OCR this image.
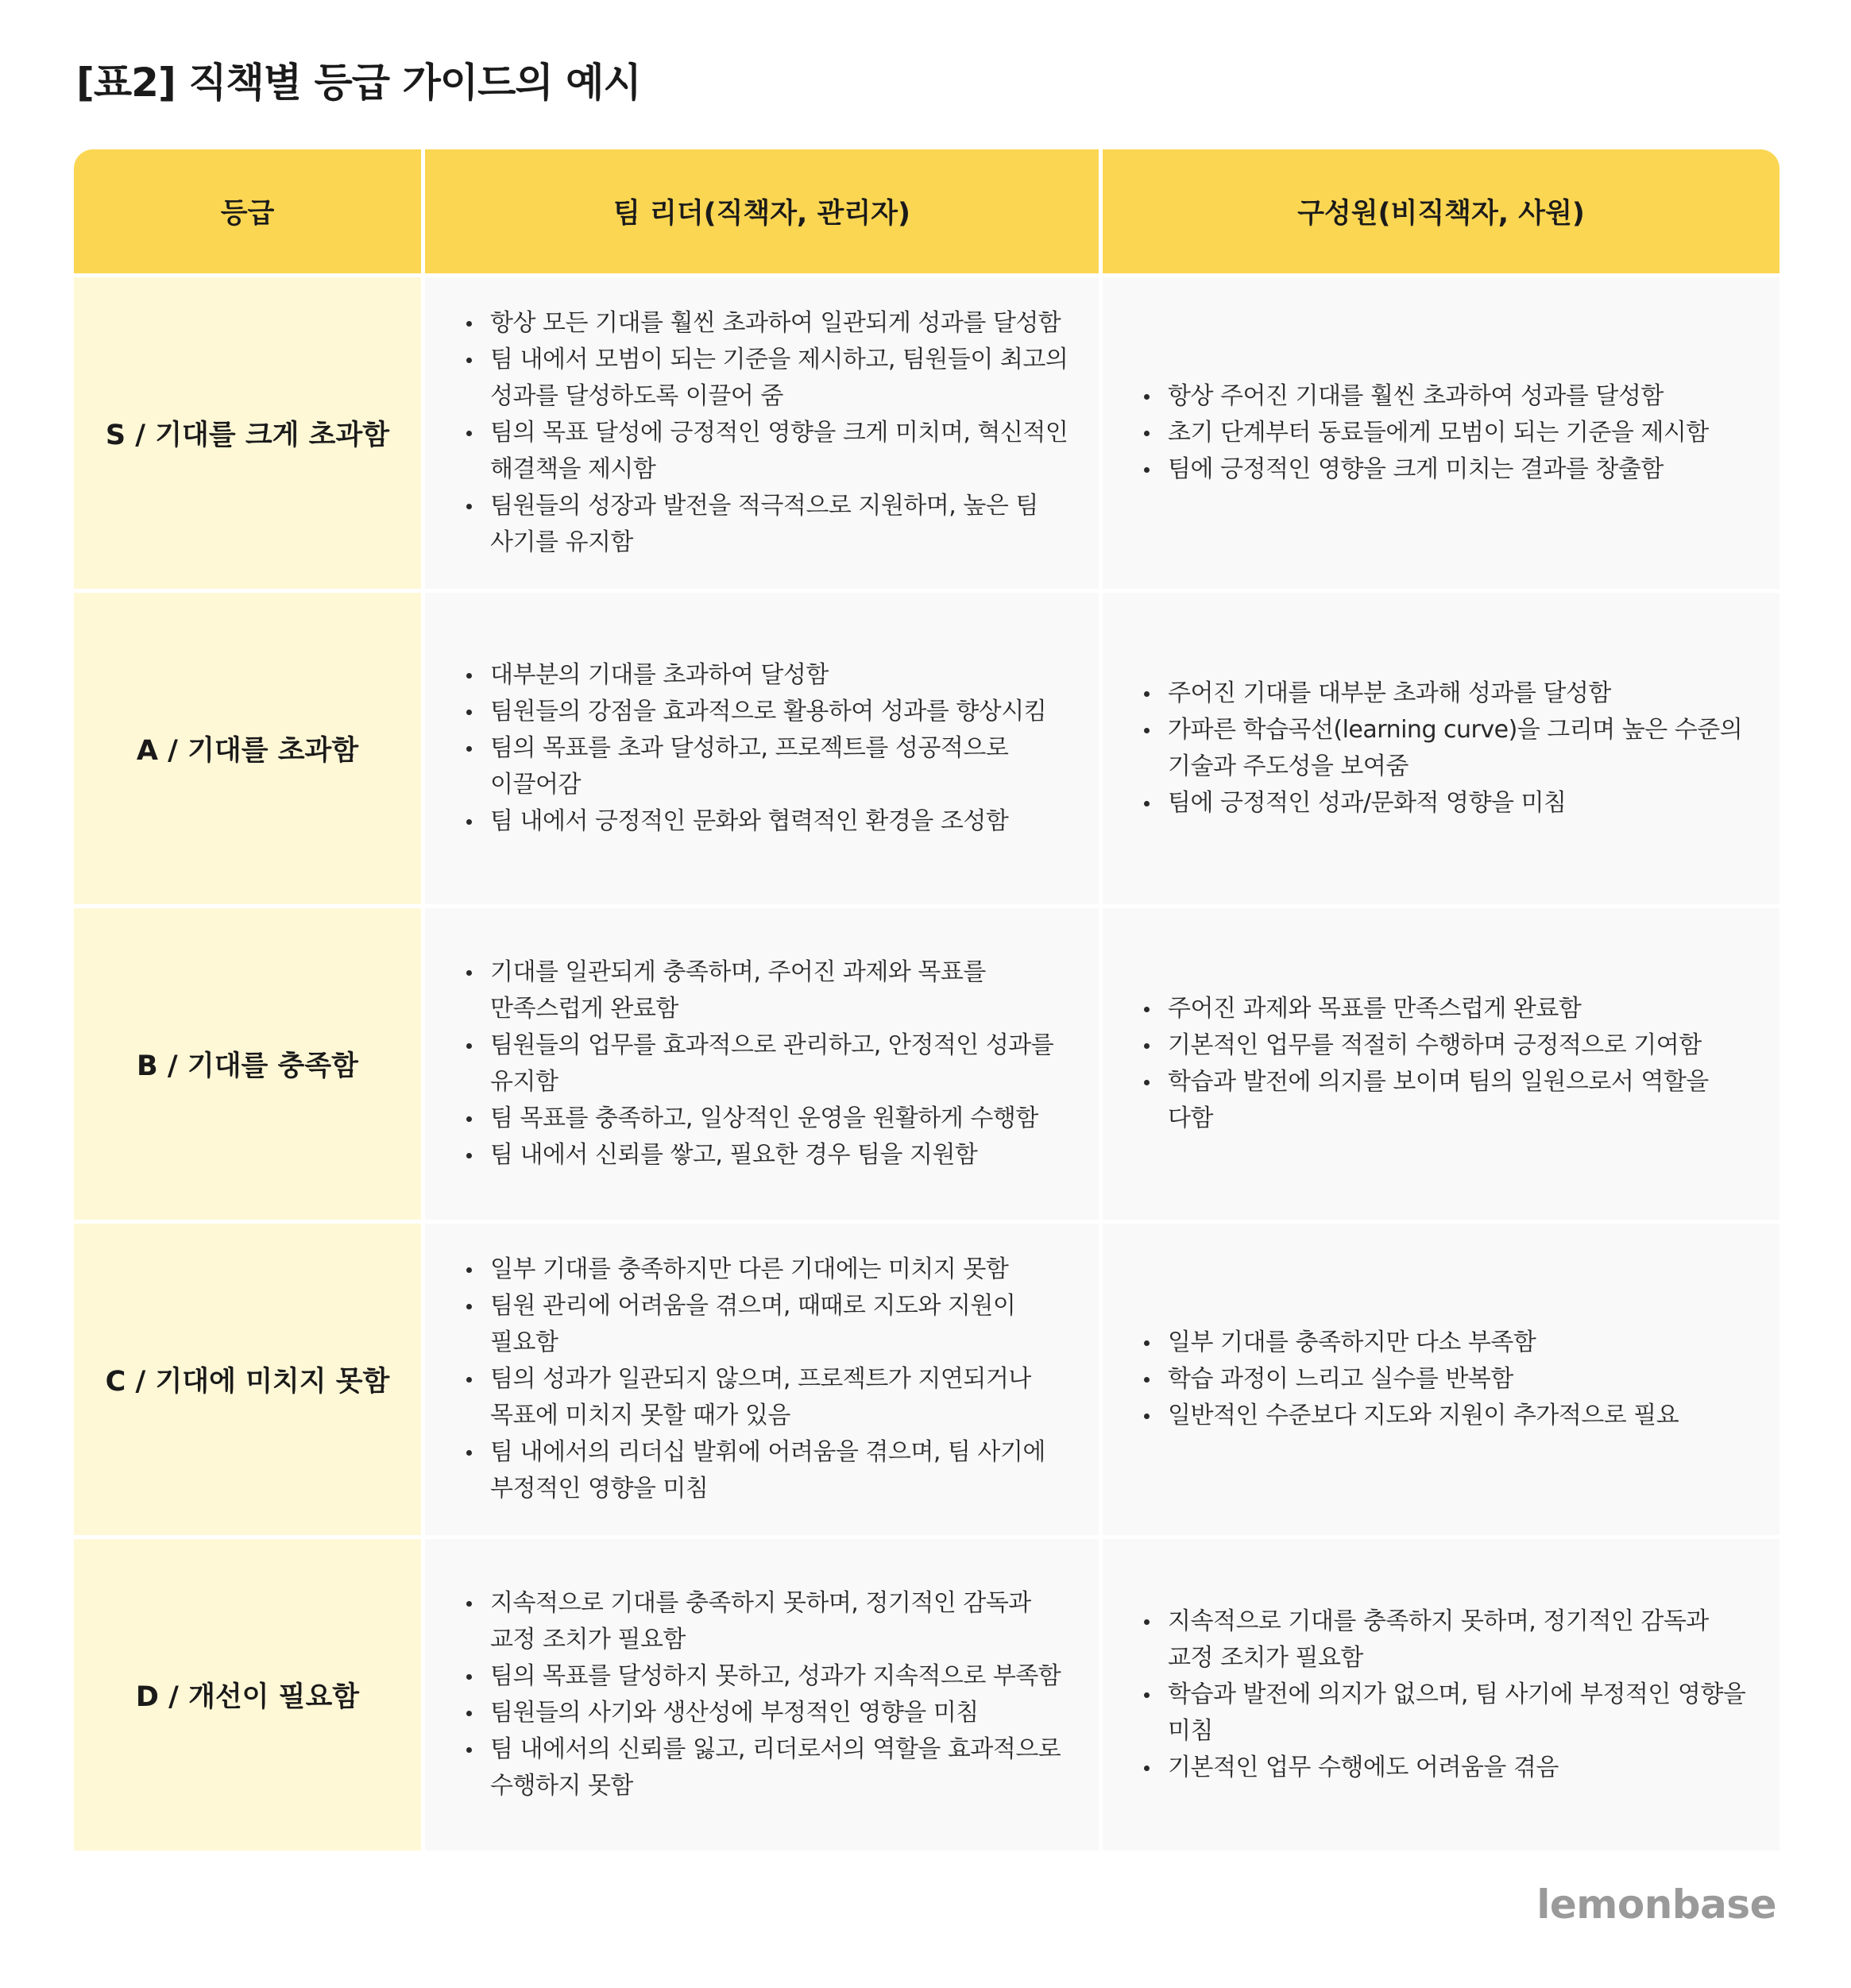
[표2] 직책별 등급 가이드의 예시
등급	팀 리더(직책자, 관리자)	구성원(비직책자, 사원)
S / 기대를 크게 초과함
항상 모든 기대를 훨씬 초과하여 일관되게 성과를 달성함
팀 내에서 모범이 되는 기준을 제시하고, 팀원들이 최고의 성과를 달성하도록 이끌어 줌
팀의 목표 달성에 긍정적인 영향을 크게 미치며, 혁신적인 해결책을 제시함
팀원들의 성장과 발전을 적극적으로 지원하며, 높은 팀 사기를 유지함
항상 주어진 기대를 훨씬 초과하여 성과를 달성함
초기 단계부터 동료들에게 모범이 되는 기준을 제시함
팀에 긍정적인 영향을 크게 미치는 결과를 창출함
A / 기대를 초과함
대부분의 기대를 초과하여 달성함
팀원들의 강점을 효과적으로 활용하여 성과를 향상시킴
팀의 목표를 초과 달성하고, 프로젝트를 성공적으로 이끌어감
팀 내에서 긍정적인 문화와 협력적인 환경을 조성함
주어진 기대를 대부분 초과해 성과를 달성함
가파른 학습곡선(learning curve)을 그리며 높은 수준의 기술과 주도성을 보여줌
팀에 긍정적인 성과/문화적 영향을 미침
B / 기대를 충족함
기대를 일관되게 충족하며, 주어진 과제와 목표를 만족스럽게 완료함
팀원들의 업무를 효과적으로 관리하고, 안정적인 성과를 유지함
팀 목표를 충족하고, 일상적인 운영을 원활하게 수행함
팀 내에서 신뢰를 쌓고, 필요한 경우 팀을 지원함
주어진 과제와 목표를 만족스럽게 완료함
기본적인 업무를 적절히 수행하며 긍정적으로 기여함
학습과 발전에 의지를 보이며 팀의 일원으로서 역할을 다함
C / 기대에 미치지 못함
일부 기대를 충족하지만 다른 기대에는 미치지 못함
팀원 관리에 어려움을 겪으며, 때때로 지도와 지원이 필요함
팀의 성과가 일관되지 않으며, 프로젝트가 지연되거나 목표에 미치지 못할 때가 있음
팀 내에서의 리더십 발휘에 어려움을 겪으며, 팀 사기에 부정적인 영향을 미침
일부 기대를 충족하지만 다소 부족함
학습 과정이 느리고 실수를 반복함
일반적인 수준보다 지도와 지원이 추가적으로 필요
D / 개선이 필요함
지속적으로 기대를 충족하지 못하며, 정기적인 감독과 교정 조치가 필요함
팀의 목표를 달성하지 못하고, 성과가 지속적으로 부족함
팀원들의 사기와 생산성에 부정적인 영향을 미침
팀 내에서의 신뢰를 잃고, 리더로서의 역할을 효과적으로 수행하지 못함
지속적으로 기대를 충족하지 못하며, 정기적인 감독과 교정 조치가 필요함
학습과 발전에 의지가 없으며, 팀 사기에 부정적인 영향을 미침
기본적인 업무 수행에도 어려움을 겪음
lemonbase
